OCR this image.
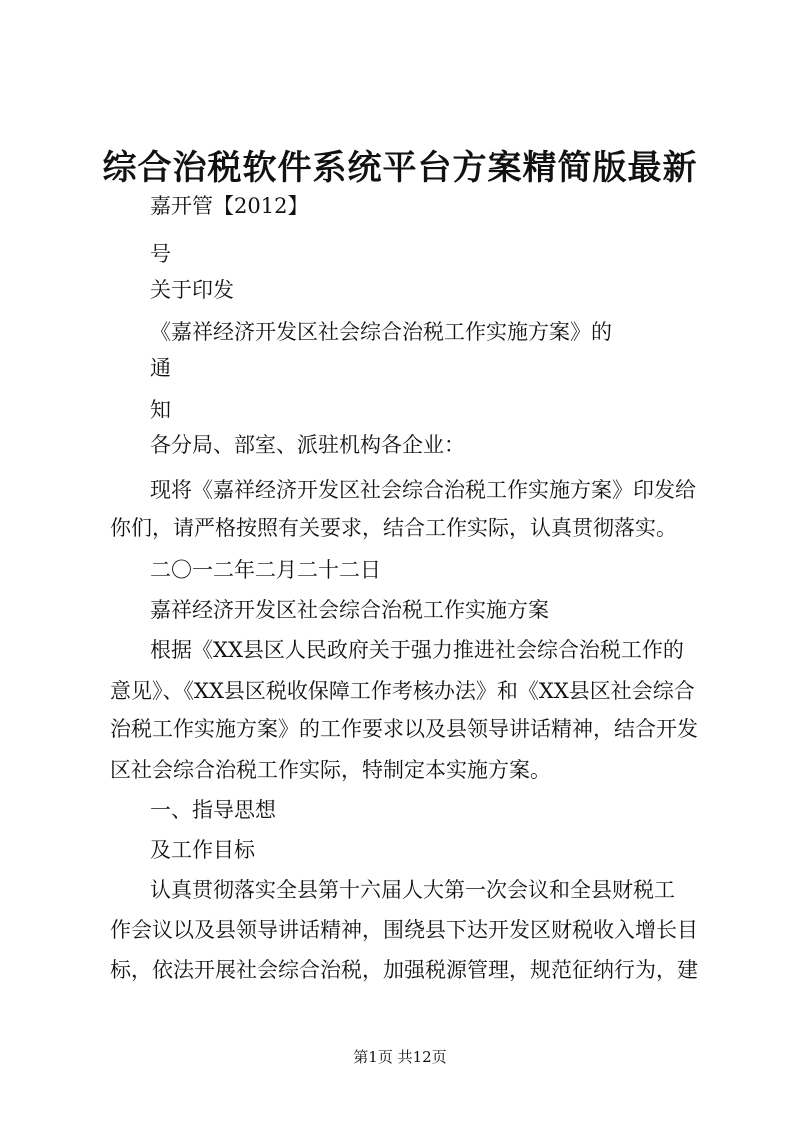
综合治税软件系统平台方案精简版最新
嘉开管【2012】
号
关于印发
《嘉祥经济开发区社会综合治税工作实施方案》的
通
知
各分局、部室、派驻机构各企业：
现将《嘉祥经济开发区社会综合治税工作实施方案》印发给
你们，请严格按照有关要求，结合工作实际，认真贯彻落实。
二〇一二年二月二十二日
嘉祥经济开发区社会综合治税工作实施方案
根据《XX县区人民政府关于强力推进社会综合治税工作的
意见》、《XX县区税收保障工作考核办法》和《XX县区社会综合
治税工作实施方案》的工作要求以及县领导讲话精神，结合开发
区社会综合治税工作实际，特制定本实施方案。
一、指导思想
及工作目标
认真贯彻落实全县第十六届人大第一次会议和全县财税工
作会议以及县领导讲话精神，围绕县下达开发区财税收入增长目
标，依法开展社会综合治税，加强税源管理，规范征纳行为，建
第1页 共12页
